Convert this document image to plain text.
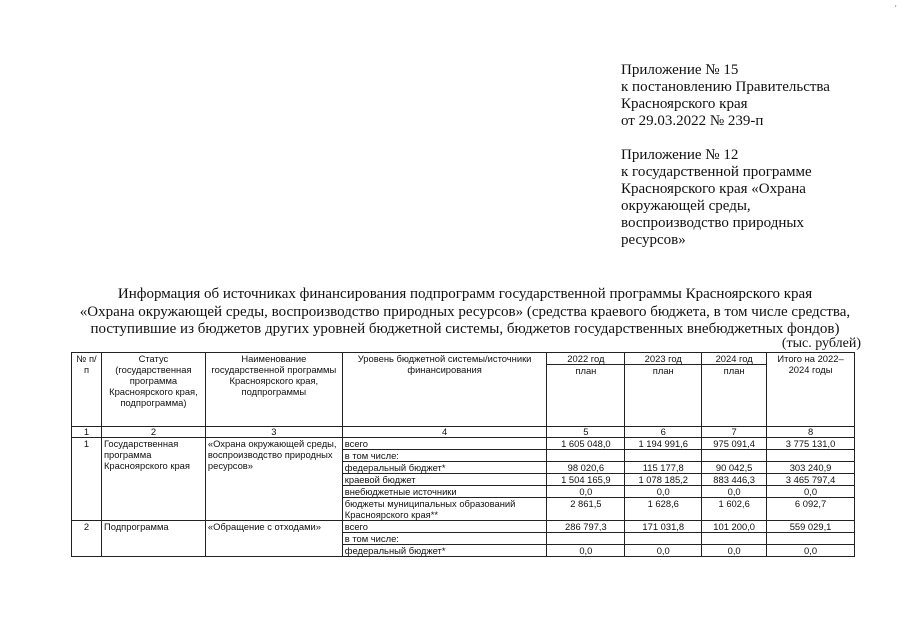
·
Приложение № 15
к постановлению Правительства
Красноярского края
от 29.03.2022 № 239-п
Приложение № 12
к государственной программе
Красноярского края «Охрана
окружающей среды,
воспроизводство природных
ресурсов»
Информация об источниках финансирования подпрограмм государственной программы Красноярского края
«Охрана окружающей среды, воспроизводство природных ресурсов» (средства краевого бюджета, в том числе средства,
поступившие из бюджетов других уровней бюджетной системы, бюджетов государственных внебюджетных фондов)
(тыс. рублей)
№ п/п	Статус (государственная программа Красноярского края, подпрограмма)	Наименование государственной программы Красноярского края, подпрограммы	Уровень бюджетной системы/источники финансирования	2022 год	2023 год	2024 год	Итого на 2022–2024 годы
				план	план	план	
1	2	3	4	5	6	7	8
1	Государственная программа Красноярского края	«Охрана окружающей среды, воспроизводство природных ресурсов»	всего	1 605 048,0	1 194 991,6	975 091,4	3 775 131,0
			в том числе:				
			федеральный бюджет*	98 020,6	115 177,8	90 042,5	303 240,9
			краевой бюджет	1 504 165,9	1 078 185,2	883 446,3	3 465 797,4
			внебюджетные источники	0,0	0,0	0,0	0,0
			бюджеты муниципальных образований Красноярского края**	2 861,5	1 628,6	1 602,6	6 092,7
2	Подпрограмма	«Обращение с отходами»	всего	286 797,3	171 031,8	101 200,0	559 029,1
			в том числе:				
			федеральный бюджет*	0,0	0,0	0,0	0,0
